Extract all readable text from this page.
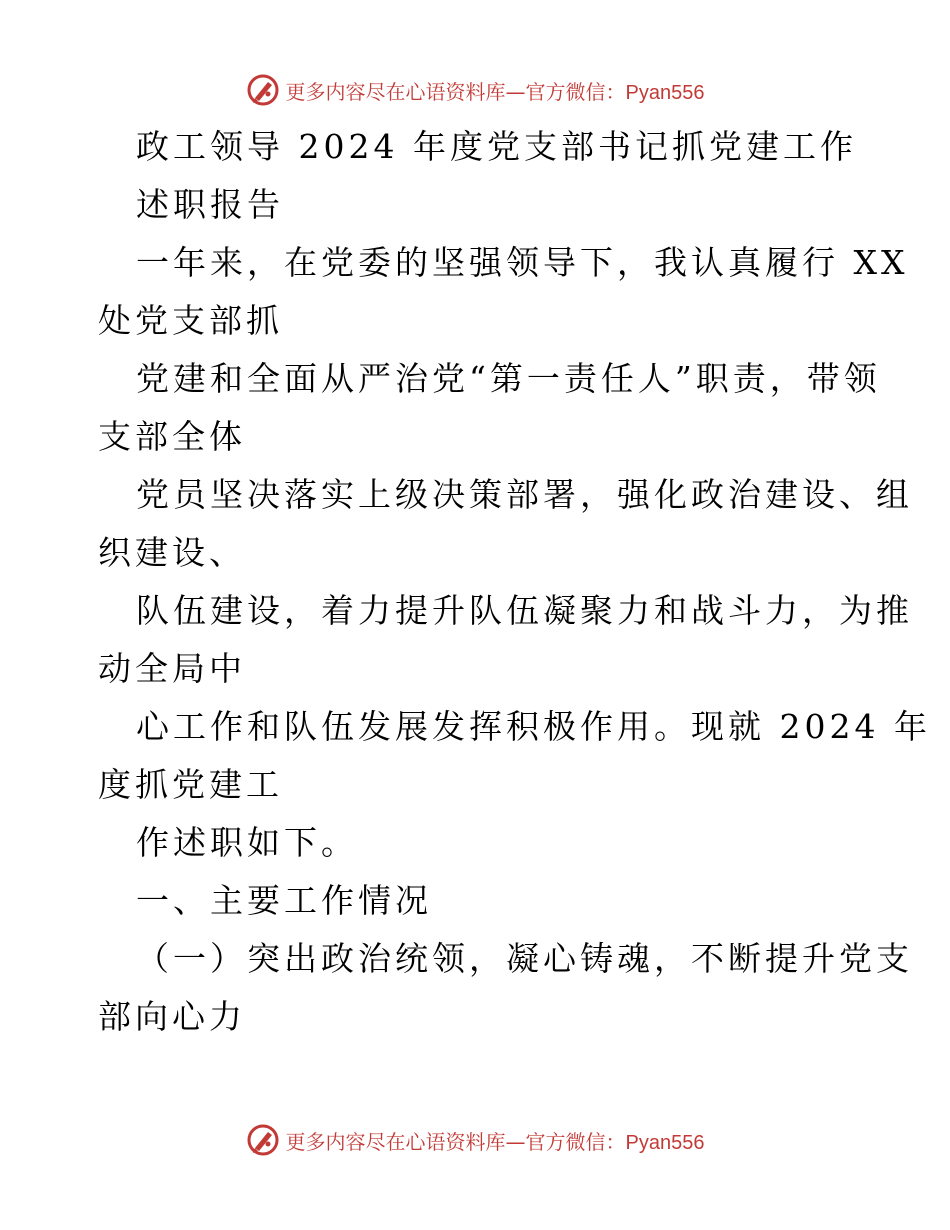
更多内容尽在心语资料库—官方微信：Pyan556
政工领导 2024 年度党支部书记抓党建工作
述职报告
一年来，在党委的坚强领导下，我认真履行 XX
处党支部抓
党建和全面从严治党“第一责任人”职责，带领
支部全体
党员坚决落实上级决策部署，强化政治建设、组
织建设、
队伍建设，着力提升队伍凝聚力和战斗力，为推
动全局中
心工作和队伍发展发挥积极作用。现就 2024 年
度抓党建工
作述职如下。
一、主要工作情况
（一）突出政治统领，凝心铸魂，不断提升党支
部向心力
更多内容尽在心语资料库—官方微信：Pyan556
